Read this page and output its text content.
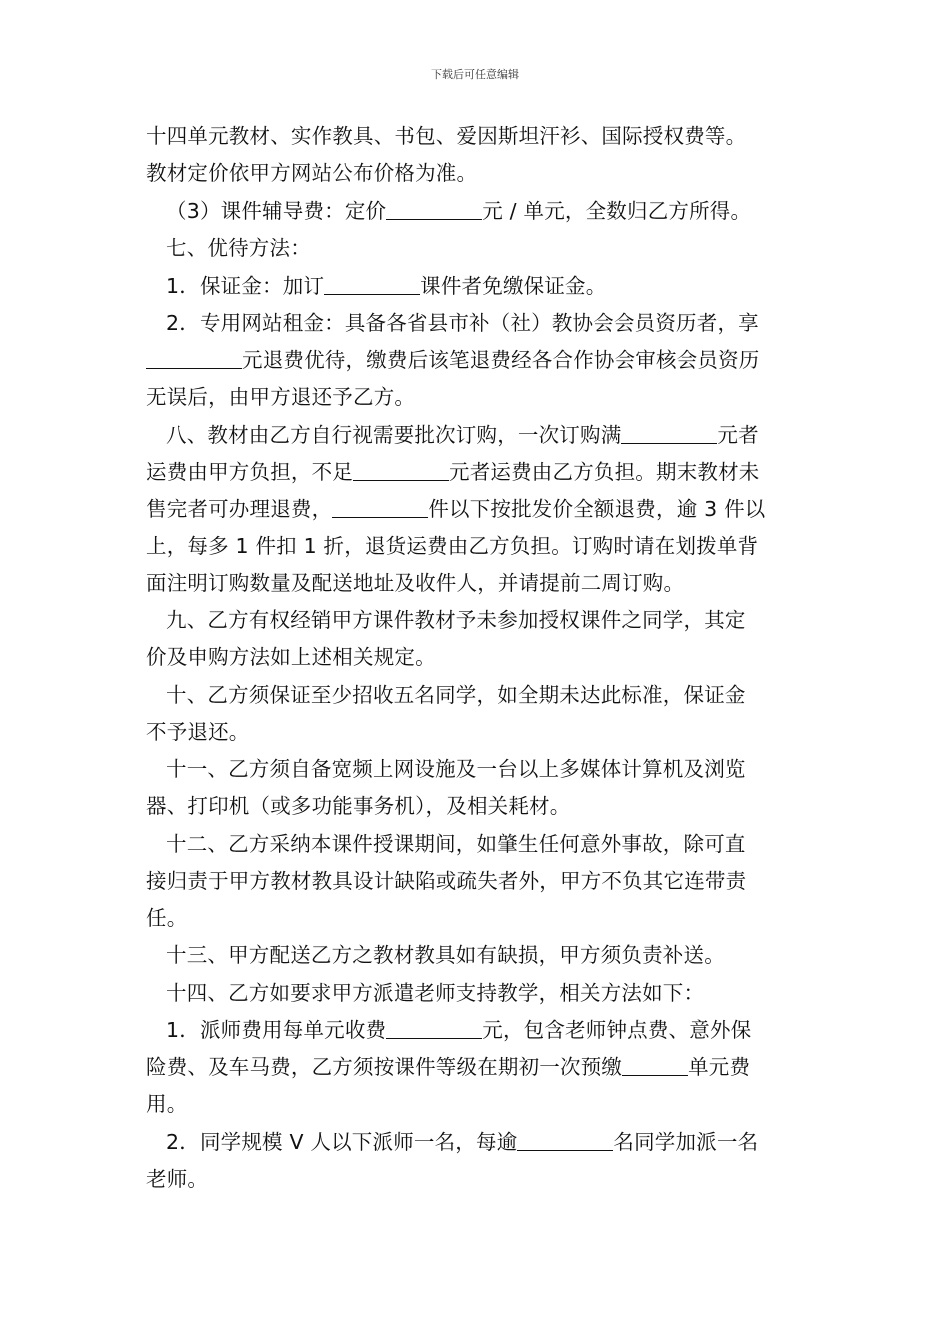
下载后可任意编辑
十四单元教材、实作教具、书包、爱因斯坦汗衫、国际授权费等。
教材定价依甲方网站公布价格为准。
（3）课件辅导费：定价	元 / 单元，全数归乙方所得。
七、优待方法：
1．保证金：加订	课件者免缴保证金。
2．专用网站租金：具备各省县市补（社）教协会会员资历者，享
元退费优待，缴费后该笔退费经各合作协会审核会员资历
无误后，由甲方退还予乙方。
八、教材由乙方自行视需要批次订购，一次订购满	元者
运费由甲方负担，不足	元者运费由乙方负担。期末教材未
售完者可办理退费，	件以下按批发价全额退费，逾 3 件以
上，每多 1 件扣 1 折，退货运费由乙方负担。订购时请在划拨单背
面注明订购数量及配送地址及收件人，并请提前二周订购。
九、乙方有权经销甲方课件教材予未参加授权课件之同学，其定
价及申购方法如上述相关规定。
十、乙方须保证至少招收五名同学，如全期未达此标准，保证金
不予退还。
十一、乙方须自备宽频上网设施及一台以上多媒体计算机及浏览
器、打印机（或多功能事务机），及相关耗材。
十二、乙方采纳本课件授课期间，如肇生任何意外事故，除可直
接归责于甲方教材教具设计缺陷或疏失者外，甲方不负其它连带责
任。
十三、甲方配送乙方之教材教具如有缺损，甲方须负责补送。
十四、乙方如要求甲方派遣老师支持教学，相关方法如下：
1．派师费用每单元收费	元，包含老师钟点费、意外保
险费、及车马费，乙方须按课件等级在期初一次预缴	单元费
用。
2．同学规模 V 人以下派师一名，每逾	名同学加派一名
老师。
